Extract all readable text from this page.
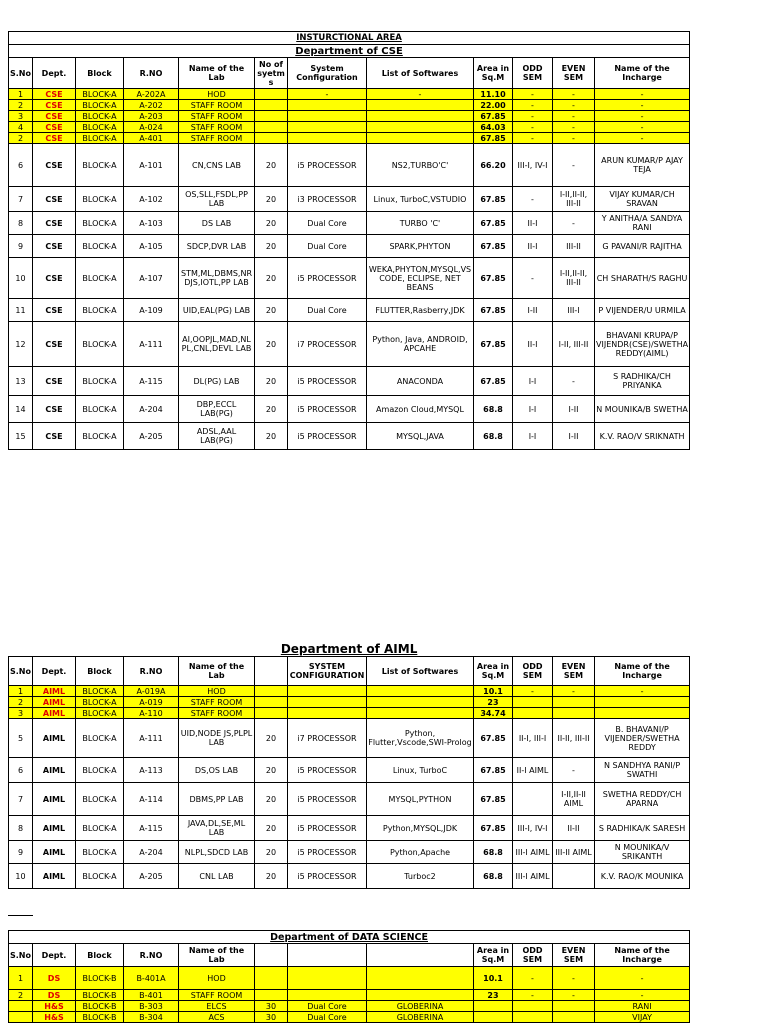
INSTURCTIONAL AREA											
Department of CSE											
S.No	Dept.	Block	R.NO	Name of the Lab	No of syetms	System Configuration	List of Softwares	Area in Sq.M	ODD SEM	EVEN SEM	Name of the Incharge
1	CSE	BLOCK-A	A-202A	HOD		-	-	11.10	-	-	-
2	CSE	BLOCK-A	A-202	STAFF ROOM				22.00	-	-	-
3	CSE	BLOCK-A	A-203	STAFF ROOM				67.85	-	-	-
4	CSE	BLOCK-A	A-024	STAFF ROOM				64.03	-	-	-
2	CSE	BLOCK-A	A-401	STAFF ROOM				67.85	-	-	-
6	CSE	BLOCK-A	A-101	CN,CNS LAB	20	i5 PROCESSOR	NS2,TURBO'C'	66.20	III-I, IV-I	-	ARUN KUMAR/P AJAY TEJA
7	CSE	BLOCK-A	A-102	OS,SLL,FSDL,PP LAB	20	i3 PROCESSOR	Linux, TurboC,VSTUDIO	67.85	-	I-II,II-II, III-II	VIJAY KUMAR/CH SRAVAN
8	CSE	BLOCK-A	A-103	DS LAB	20	Dual Core	TURBO 'C'	67.85	II-I	-	Y ANITHA/A SANDYA RANI
9	CSE	BLOCK-A	A-105	SDCP,DVR LAB	20	Dual Core	SPARK,PHYTON	67.85	II-I	III-II	G PAVANI/R RAJITHA
10	CSE	BLOCK-A	A-107	STM,ML,DBMS,NRDJS,IOTL,PP LAB	20	i5 PROCESSOR	WEKA,PHYTON,MYSQL,VSCODE, ECLIPSE, NET BEANS	67.85	-	I-II,II-II, III-II	CH SHARATH/S RAGHU
11	CSE	BLOCK-A	A-109	UID,EAL(PG) LAB	20	Dual Core	FLUTTER,Rasberry,JDK	67.85	I-II	III-I	P VIJENDER/U URMILA
12	CSE	BLOCK-A	A-111	AI,OOPJL,MAD,NLPL,CNL,DEVL LAB	20	i7 PROCESSOR	Python, Java, ANDROID, APCAHE	67.85	II-I	I-II, III-II	BHAVANI KRUPA/P VIJENDR(CSE)/SWETHA REDDY(AIML)
13	CSE	BLOCK-A	A-115	DL(PG) LAB	20	i5 PROCESSOR	ANACONDA	67.85	I-I	-	S RADHIKA/CH PRIYANKA
14	CSE	BLOCK-A	A-204	DBP,ECCL LAB(PG)	20	i5 PROCESSOR	Amazon Cloud,MYSQL	68.8	I-I	I-II	N MOUNIKA/B SWETHA
15	CSE	BLOCK-A	A-205	ADSL,AAL LAB(PG)	20	i5 PROCESSOR	MYSQL,JAVA	68.8	I-I	I-II	K.V. RAO/V SRIKNATH
Department of AIML											
S.No	Dept.	Block	R.NO	Name of the Lab		SYSTEM CONFIGURATION	List of Softwares	Area in Sq.M	ODD SEM	EVEN SEM	Name of the Incharge
1	AIML	BLOCK-A	A-019A	HOD				10.1	-	-	-
2	AIML	BLOCK-A	A-019	STAFF ROOM				23			
3	AIML	BLOCK-A	A-110	STAFF ROOM				34.74			
5	AIML	BLOCK-A	A-111	UID,NODE JS,PLPL LAB	20	i7 PROCESSOR	Python, Flutter,Vscode,SWI-Prolog	67.85	II-I, III-I	II-II, III-II	B. BHAVANI/P VIJENDER/SWETHA REDDY
6	AIML	BLOCK-A	A-113	DS,OS LAB	20	i5 PROCESSOR	Linux, TurboC	67.85	II-I AIML	-	N SANDHYA RANI/P SWATHI
7	AIML	BLOCK-A	A-114	DBMS,PP LAB	20	i5 PROCESSOR	MYSQL,PYTHON	67.85		I-II,II-II AIML	SWETHA REDDY/CH APARNA
8	AIML	BLOCK-A	A-115	JAVA,DL,SE,ML LAB	20	i5 PROCESSOR	Python,MYSQL,JDK	67.85	III-I, IV-I	II-II	S RADHIKA/K SARESH
9	AIML	BLOCK-A	A-204	NLPL,SDCD LAB	20	i5 PROCESSOR	Python,Apache	68.8	III-I AIML	III-II AIML	N MOUNIKA/V SRIKANTH
10	AIML	BLOCK-A	A-205	CNL LAB	20	i5 PROCESSOR	Turboc2	68.8	III-I AIML		K.V. RAO/K MOUNIKA
Department of DATA SCIENCE											
S.No	Dept.	Block	R.NO	Name of the Lab				Area in Sq.M	ODD SEM	EVEN SEM	Name of the Incharge
1	DS	BLOCK-B	B-401A	HOD				10.1	-	-	-
2	DS	BLOCK-B	B-401	STAFF ROOM				23	-	-	-
	H&S	BLOCK-B	B-303	ELCS	30	Dual Core	GLOBERINA				RANI
	H&S	BLOCK-B	B-304	ACS	30	Dual Core	GLOBERINA				VIJAY
